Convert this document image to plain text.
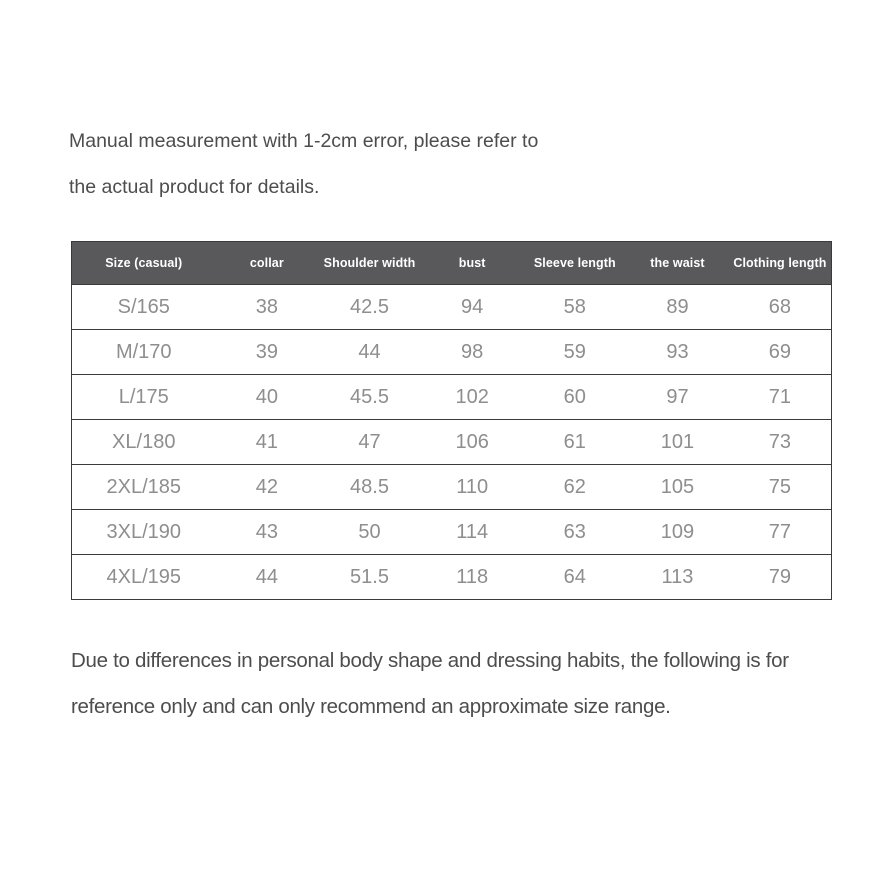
Manual measurement with 1-2cm error, please refer to
the actual product for details.
Size (casual)	collar	Shoulder width	bust	Sleeve length	the waist	Clothing length
S/165	38	42.5	94	58	89	68
M/170	39	44	98	59	93	69
L/175	40	45.5	102	60	97	71
XL/180	41	47	106	61	101	73
2XL/185	42	48.5	110	62	105	75
3XL/190	43	50	114	63	109	77
4XL/195	44	51.5	118	64	113	79
Due to differences in personal body shape and dressing habits, the following is for
reference only and can only recommend an approximate size range.
